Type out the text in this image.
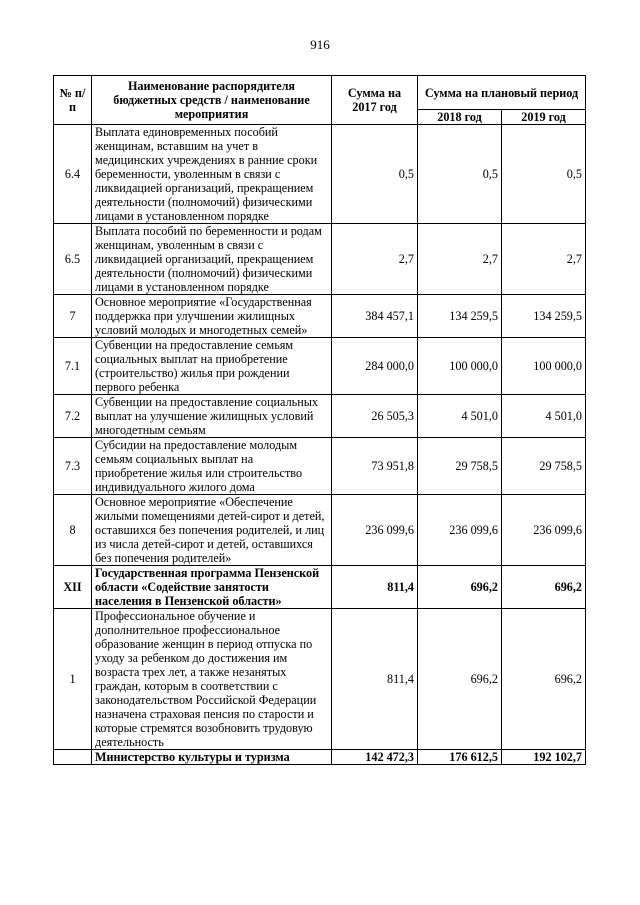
916
№ п/п	Наименование распорядителя бюджетных средств / наименование мероприятия	Сумма на 2017 год	Сумма на плановый период	
			2018 год	2019 год
6.4	Выплата единовременных пособий женщинам, вставшим на учет в медицинских учреждениях в ранние сроки беременности, уволенным в связи с ликвидацией организаций, прекращением деятельности (полномочий) физическими лицами в установленном порядке	0,5	0,5	0,5
6.5	Выплата пособий по беременности и родам женщинам, уволенным в связи с ликвидацией организаций, прекращением деятельности (полномочий) физическими лицами в установленном порядке	2,7	2,7	2,7
7	Основное мероприятие «Государственная поддержка при улучшении жилищных условий молодых и многодетных семей»	384 457,1	134 259,5	134 259,5
7.1	Субвенции на предоставление семьям социальных выплат на приобретение (строительство) жилья при рождении первого ребенка	284 000,0	100 000,0	100 000,0
7.2	Субвенции на предоставление социальных выплат на улучшение жилищных условий многодетным семьям	26 505,3	4 501,0	4 501,0
7.3	Субсидии на предоставление молодым семьям социальных выплат на приобретение жилья или строительство индивидуального жилого дома	73 951,8	29 758,5	29 758,5
8	Основное мероприятие «Обеспечение жилыми помещениями детей-сирот и детей, оставшихся без попечения родителей, и лиц из числа детей-сирот и детей, оставшихся без попечения родителей»	236 099,6	236 099,6	236 099,6
XII	Государственная программа Пензенской области «Содействие занятости населения в Пензенской области»	811,4	696,2	696,2
1	Профессиональное обучение и дополнительное профессиональное образование женщин в период отпуска по уходу за ребенком до достижения им возраста трех лет, а также незанятых граждан, которым в соответствии с законодательством Российской Федерации назначена страховая пенсия по старости и которые стремятся возобновить трудовую деятельность	811,4	696,2	696,2
	Министерство культуры и туризма	142 472,3	176 612,5	192 102,7
